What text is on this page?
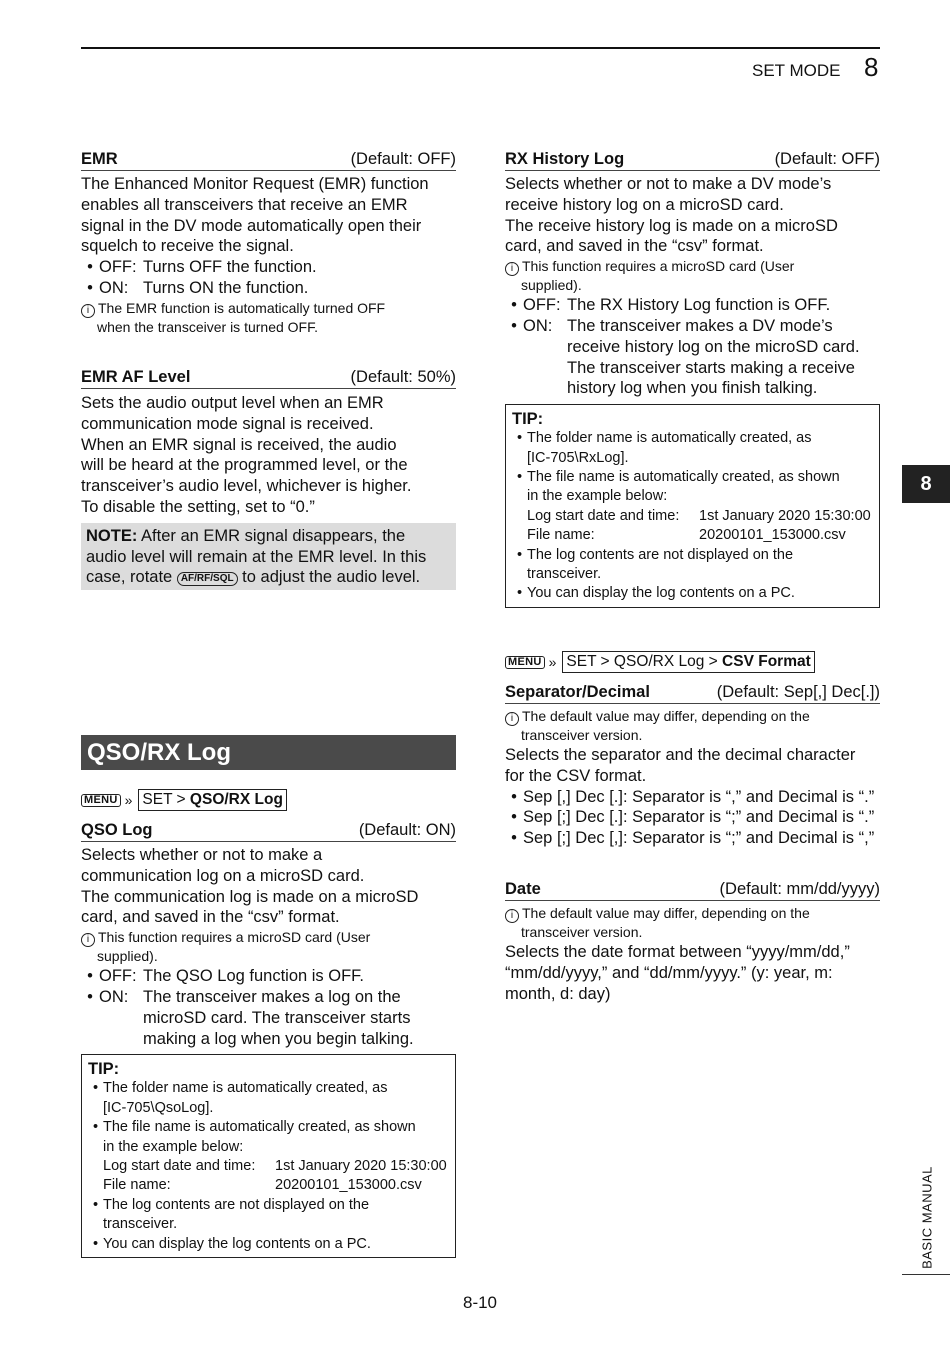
SET MODE 8
8
BASIC MANUAL
EMR	(Default: OFF)
The Enhanced Monitor Request (EMR) function
enables all transceivers that receive an EMR
signal in the DV mode automatically open their
squelch to receive the signal.
• OFF: Turns OFF the function.
• ON: Turns ON the function.
i The EMR function is automatically turned OFF
when the transceiver is turned OFF.
EMR AF Level	(Default: 50%)
Sets the audio output level when an EMR
communication mode signal is received.
When an EMR signal is received, the audio
will be heard at the programmed level, or the
transceiver’s audio level, whichever is higher.
To disable the setting, set to “0.”
NOTE: After an EMR signal disappears, the
audio level will remain at the EMR level. In this
case, rotate AF/RF/SQL to adjust the audio level.
QSO/RX Log
MENU » SET > QSO/RX Log
QSO Log	(Default: ON)
Selects whether or not to make a
communication log on a microSD card.
The communication log is made on a microSD
card, and saved in the “csv” format.
i This function requires a microSD card (User
supplied).
• OFF: The QSO Log function is OFF.
• ON: The transceiver makes a log on the
microSD card. The transceiver starts
making a log when you begin talking.
TIP:
• The folder name is automatically created, as
[IC-705\QsoLog].
• The file name is automatically created, as shown
in the example below:
Log start date and time:	1st January 2020 15:30:00
File name:	20200101_153000.csv
• The log contents are not displayed on the
transceiver.
• You can display the log contents on a PC.
RX History Log	(Default: OFF)
Selects whether or not to make a DV mode’s
receive history log on a microSD card.
The receive history log is made on a microSD
card, and saved in the “csv” format.
i This function requires a microSD card (User
supplied).
• OFF: The RX History Log function is OFF.
• ON: The transceiver makes a DV mode’s
receive history log on the microSD card.
The transceiver starts making a receive
history log when you finish talking.
TIP:
• The folder name is automatically created, as
[IC-705\RxLog].
• The file name is automatically created, as shown
in the example below:
Log start date and time:	1st January 2020 15:30:00
File name:	20200101_153000.csv
• The log contents are not displayed on the
transceiver.
• You can display the log contents on a PC.
MENU » SET > QSO/RX Log > CSV Format
Separator/Decimal	(Default: Sep[,] Dec[.])
i The default value may differ, depending on the
transceiver version.
Selects the separator and the decimal character
for the CSV format.
• Sep [,] Dec [.]: Separator is “,” and Decimal is “.”
• Sep [;] Dec [.]: Separator is “;” and Decimal is “.”
• Sep [;] Dec [,]: Separator is “;” and Decimal is “,”
Date	(Default: mm/dd/yyyy)
i The default value may differ, depending on the
transceiver version.
Selects the date format between “yyyy/mm/dd,”
“mm/dd/yyyy,” and “dd/mm/yyyy.” (y: year, m:
month, d: day)
8-10
